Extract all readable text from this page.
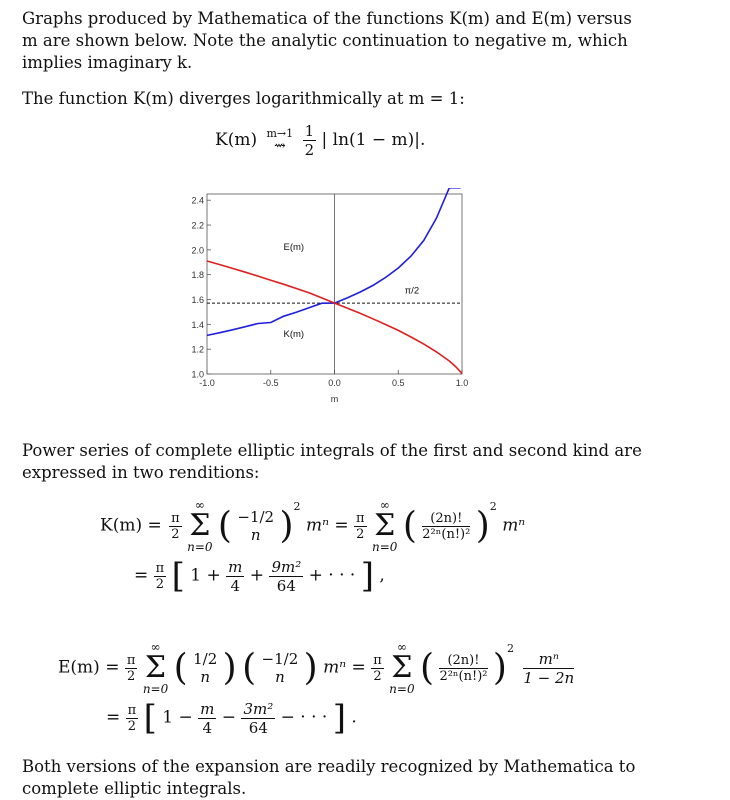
Graphs produced by Mathematica of the functions K(m) and E(m) versus
m are shown below. Note the analytic continuation to negative m, which
implies imaginary k.
The function K(m) diverges logarithmically at m = 1:
K(m) m→1
⇝
	$\frac{1}{2}$ | ln(1 − m)|.
1.0
1.2
1.4
1.6
1.8
2.0
2.2
2.4
-1.0	-0.5	0.0	0.5	1.0
m
E(m)
K(m)
π/2
Power series of complete elliptic integrals of the first and second kind are
expressed in two renditions:
$K(m) = \frac{\pi}{2}$

∞
Σ
n=0
( −1/2
n )$^2$ $m^n = \frac{\pi}{2}$

∞
Σ
n=0
( $\frac{(2n)!}{\text{2²ⁿ(n!)²}} )^2$ mⁿ
= $\frac{\pi}{2}$ [ $1 + \frac{m}{4} + \frac{\text{9m²}}{64}$ + · · · ] ,
$E(m) = \frac{\pi}{2}$

∞
Σ
n=0
( 1/2
n ) ( −1/2
n ) $m^n = \frac{\pi}{2}$

∞
Σ
n=0
( $\frac{(2n)!}{\text{2²ⁿ(n!)²}} )^2$
$\frac{\text{mⁿ}}{1 - 2n}$
= $\frac{\pi}{2}$ [ $1 - \frac{m}{4} - \frac{\text{3m²}}{64}$ − · · · ] .
Both versions of the expansion are readily recognized by Mathematica to
complete elliptic integrals.
